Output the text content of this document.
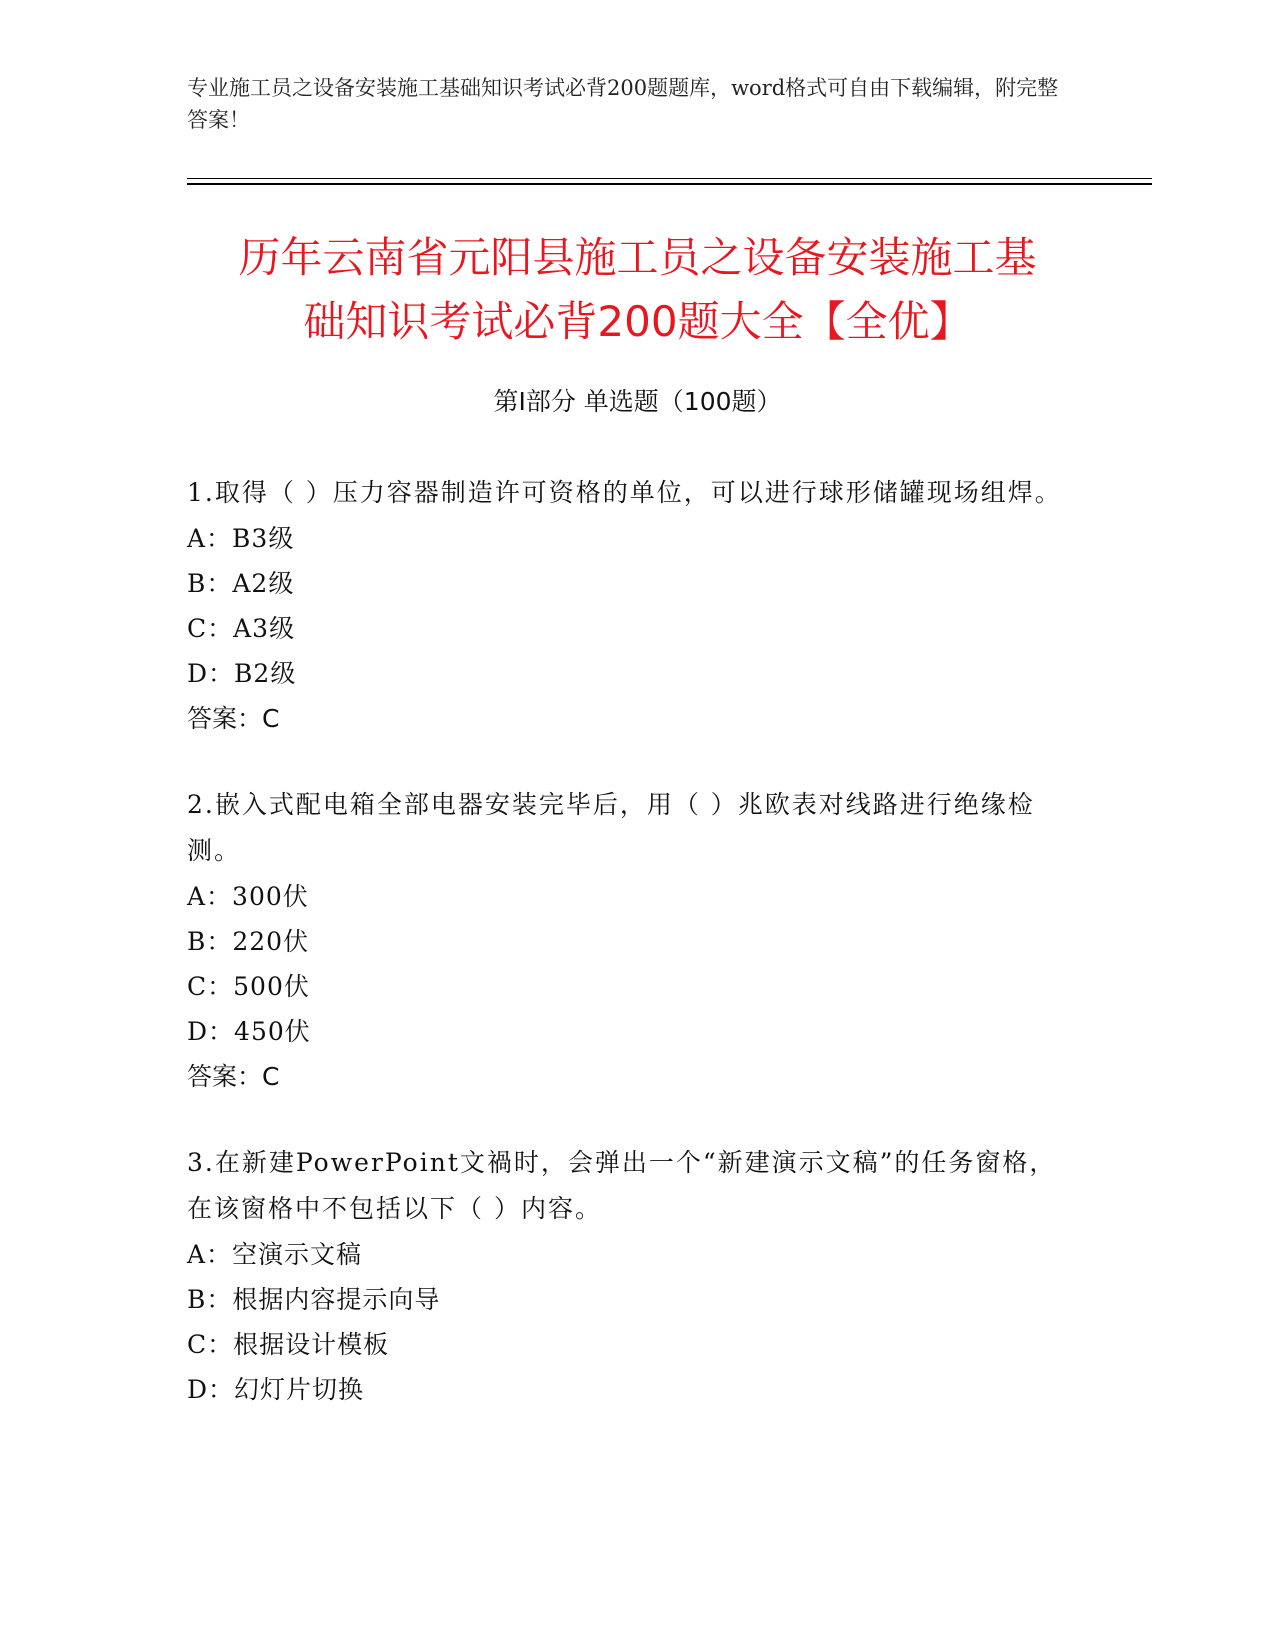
专业施工员之设备安装施工基础知识考试必背200题题库，word格式可自由下载编辑，附完整答案！
历年云南省元阳县施工员之设备安装施工基
础知识考试必背200题大全【全优】
第Ⅰ部分 单选题（100题）
1.取得（ ）压力容器制造许可资格的单位，可以进行球形储罐现场组焊。
A：B3级
B：A2级
C：A3级
D：B2级
答案：C
2.嵌入式配电箱全部电器安装完毕后，用（ ）兆欧表对线路进行绝缘检测。
A：300伏
B：220伏
C：500伏
D：450伏
答案：C
3.在新建PowerPoint文禍时，会弹出一个“新建演示文稿”的任务窗格，在该窗格中不包括以下（ ）内容。
A：空演示文稿
B：根据内容提示向导
C：根据设计模板
D：幻灯片切换
